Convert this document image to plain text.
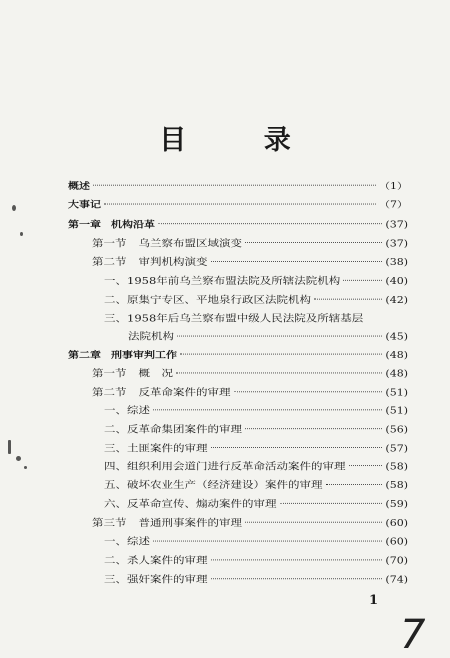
目 录
概述	（1）
大事记	（7）
第一章 机构沿革	(37)
第一节 乌兰察布盟区域演变	(37)
第二节 审判机构演变	(38)
一、1958年前乌兰察布盟法院及所辖法院机构	(40)
二、原集宁专区、平地泉行政区法院机构	(42)
三、1958年后乌兰察布盟中级人民法院及所辖基层
法院机构	(45)
第二章 刑事审判工作	(48)
第一节 概　况	(48)
第二节 反革命案件的审理	(51)
一、综述	(51)
二、反革命集团案件的审理	(56)
三、土匪案件的审理	(57)
四、组织利用会道门进行反革命活动案件的审理	(58)
五、破坏农业生产（经济建设）案件的审理	(58)
六、反革命宣传、煽动案件的审理	(59)
1
7
第三节 普通刑事案件的审理	(60)
一、综述	(60)
二、杀人案件的审理	(70)
三、强奸案件的审理	(74)
